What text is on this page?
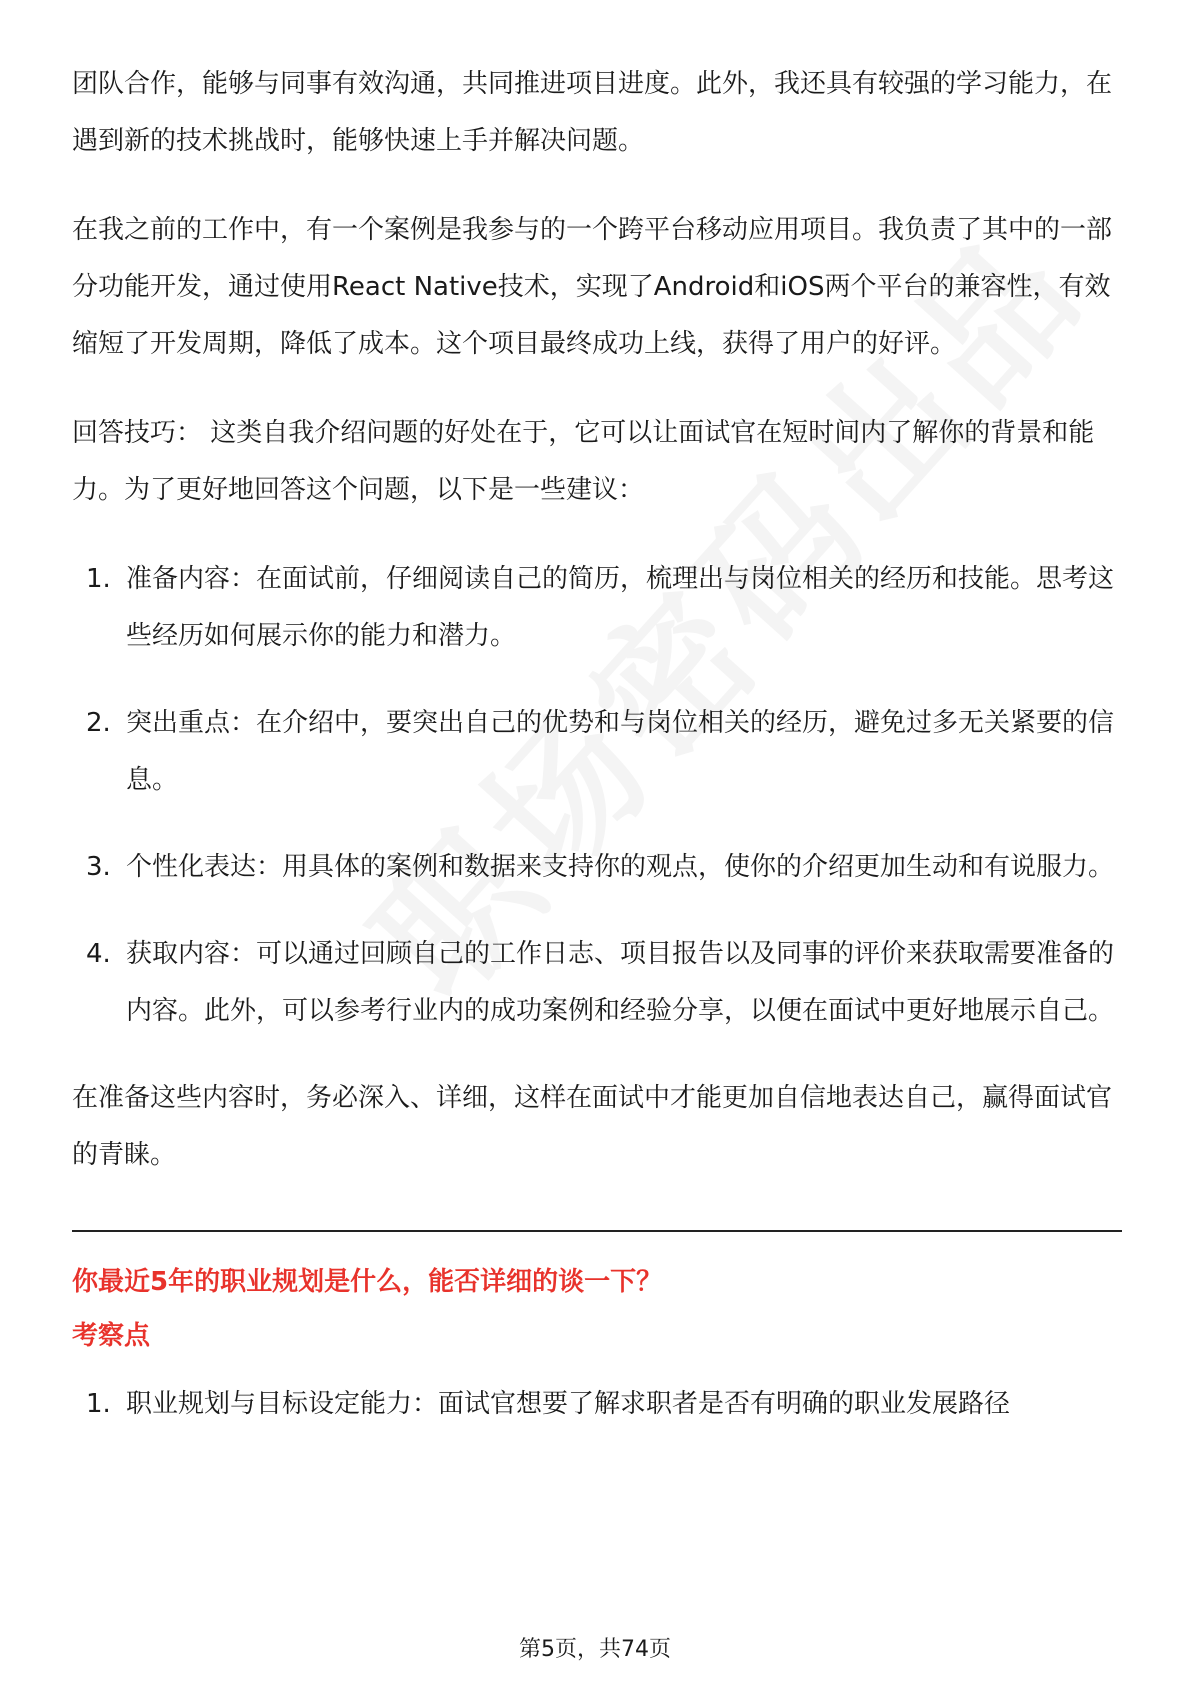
团队合作，能够与同事有效沟通，共同推进项目进度。此外，我还具有较强的学习能力，在遇到新的技术挑战时，能够快速上手并解决问题。

在我之前的工作中，有一个案例是我参与的一个跨平台移动应用项目。我负责了其中的一部分功能开发，通过使用React Native技术，实现了Android和iOS两个平台的兼容性，有效缩短了开发周期，降低了成本。这个项目最终成功上线，获得了用户的好评。

回答技巧： 这类自我介绍问题的好处在于，它可以让面试官在短时间内了解你的背景和能力。为了更好地回答这个问题，以下是一些建议：

1. 准备内容：在面试前，仔细阅读自己的简历，梳理出与岗位相关的经历和技能。思考这些经历如何展示你的能力和潜力。
2. 突出重点：在介绍中，要突出自己的优势和与岗位相关的经历，避免过多无关紧要的信息。
3. 个性化表达：用具体的案例和数据来支持你的观点，使你的介绍更加生动和有说服力。
4. 获取内容：可以通过回顾自己的工作日志、项目报告以及同事的评价来获取需要准备的内容。此外，可以参考行业内的成功案例和经验分享，以便在面试中更好地展示自己。

在准备这些内容时，务必深入、详细，这样在面试中才能更加自信地表达自己，赢得面试官的青睐。

你最近5年的职业规划是什么，能否详细的谈一下？
考察点
1. 职业规划与目标设定能力：面试官想要了解求职者是否有明确的职业发展路径
第5页，共74页
